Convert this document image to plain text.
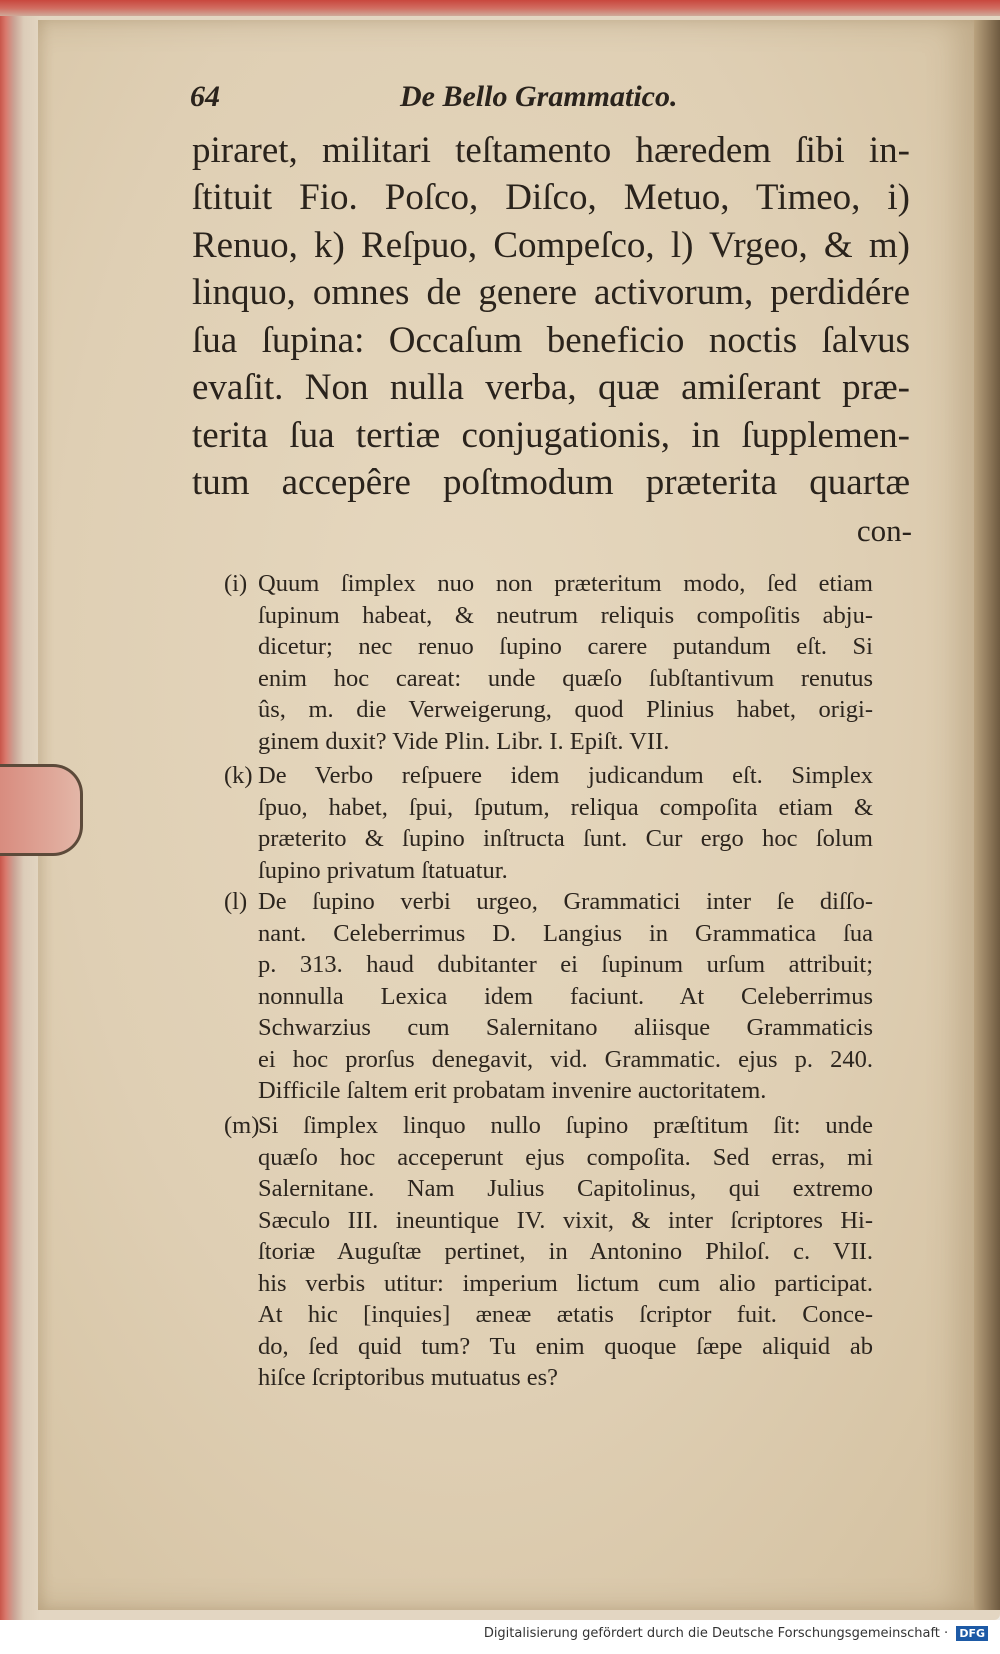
64	De Bello Grammatico.
piraret, militari teſtamento hæredem ſibi in-
ſtituit Fio. Poſco, Diſco, Metuo, Timeo, i)
Renuo, k) Reſpuo, Compeſco, l) Vrgeo, & m)
linquo, omnes de genere activorum, perdidére
ſua ſupina: Occaſum beneficio noctis ſalvus
evaſit. Non nulla verba, quæ amiſerant præ-
terita ſua tertiæ conjugationis, in ſupplemen-
tum accepêre poſtmodum præterita quartæ
con-
(i) Quum ſimplex nuo non præteritum modo, ſed etiam
ſupinum habeat, & neutrum reliquis compoſitis abju-
dicetur; nec renuo ſupino carere putandum eſt. Si
enim hoc careat: unde quæſo ſubſtantivum renutus
ûs, m. die Verweigerung, quod Plinius habet, origi-
ginem duxit? Vide Plin. Libr. I. Epiſt. VII.
(k) De Verbo reſpuere idem judicandum eſt. Simplex
ſpuo, habet, ſpui, ſputum, reliqua compoſita etiam &
præterito & ſupino inſtructa ſunt. Cur ergo hoc ſolum
ſupino privatum ſtatuatur.
(l) De ſupino verbi urgeo, Grammatici inter ſe diſſo-
nant. Celeberrimus D. Langius in Grammatica ſua
p. 313. haud dubitanter ei ſupinum urſum attribuit;
nonnulla Lexica idem faciunt. At Celeberrimus
Schwarzius cum Salernitano aliisque Grammaticis
ei hoc prorſus denegavit, vid. Grammatic. ejus p. 240.
Difficile ſaltem erit probatam invenire auctoritatem.
(m)
Si ſimplex linquo nullo ſupino præſtitum ſit: unde
quæſo hoc acceperunt ejus compoſita. Sed erras, mi
Salernitane. Nam Julius Capitolinus, qui extremo
Sæculo III. ineuntique IV. vixit, & inter ſcriptores Hi-
ſtoriæ Auguſtæ pertinet, in Antonino Philoſ. c. VII.
his verbis utitur: imperium lictum cum alio participat.
At hic [inquies] æneæ ætatis ſcriptor fuit. Conce-
do, ſed quid tum? Tu enim quoque ſæpe aliquid ab
hiſce ſcriptoribus mutuatus es?
Digitalisierung gefördert durch die Deutsche Forschungsgemeinschaft · DFG
